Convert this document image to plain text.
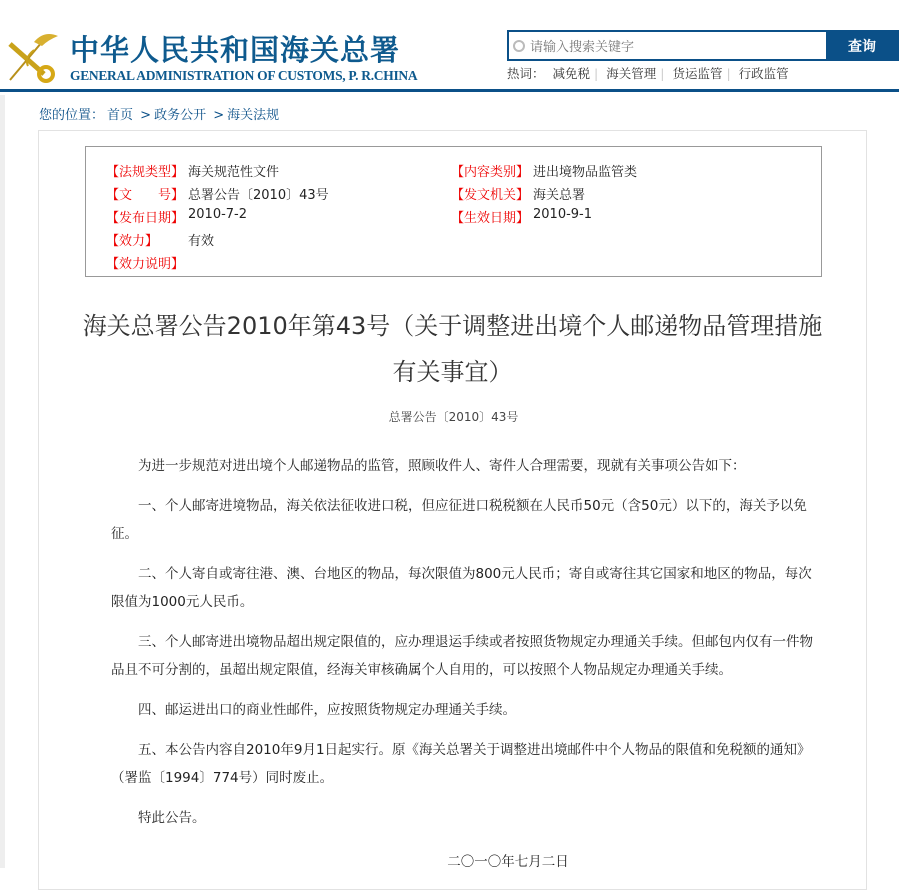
中华人民共和国海关总署
GENERAL ADMINISTRATION OF CUSTOMS, P. R.CHINA
请输入搜索关键字	查询
热词： 减免税 | 海关管理 | 货运监管 | 行政监管
您的位置： 首页 > 政务公开 > 海关法规
【法规类型】 海关规范性文件	【内容类别】 进出境物品监管类
【文　　号】 总署公告〔2010〕43号	【发文机关】 海关总署
【发布日期】 2010-7-2	【生效日期】 2010-9-1
【效力】	有效
【效力说明】
海关总署公告2010年第43号（关于调整进出境个人邮递物品管理措施有关事宜）
总署公告〔2010〕43号

为进一步规范对进出境个人邮递物品的监管，照顾收件人、寄件人合理需要，现就有关事项公告如下：

一、个人邮寄进境物品，海关依法征收进口税，但应征进口税税额在人民币50元（含50元）以下的，海关予以免征。

二、个人寄自或寄往港、澳、台地区的物品，每次限值为800元人民币；寄自或寄往其它国家和地区的物品，每次限值为1000元人民币。

三、个人邮寄进出境物品超出规定限值的，应办理退运手续或者按照货物规定办理通关手续。但邮包内仅有一件物品且不可分割的，虽超出规定限值，经海关审核确属个人自用的，可以按照个人物品规定办理通关手续。

四、邮运进出口的商业性邮件，应按照货物规定办理通关手续。

五、本公告内容自2010年9月1日起实行。原《海关总署关于调整进出境邮件中个人物品的限值和免税额的通知》（署监〔1994〕774号）同时废止。

特此公告。

二〇一〇年七月二日
